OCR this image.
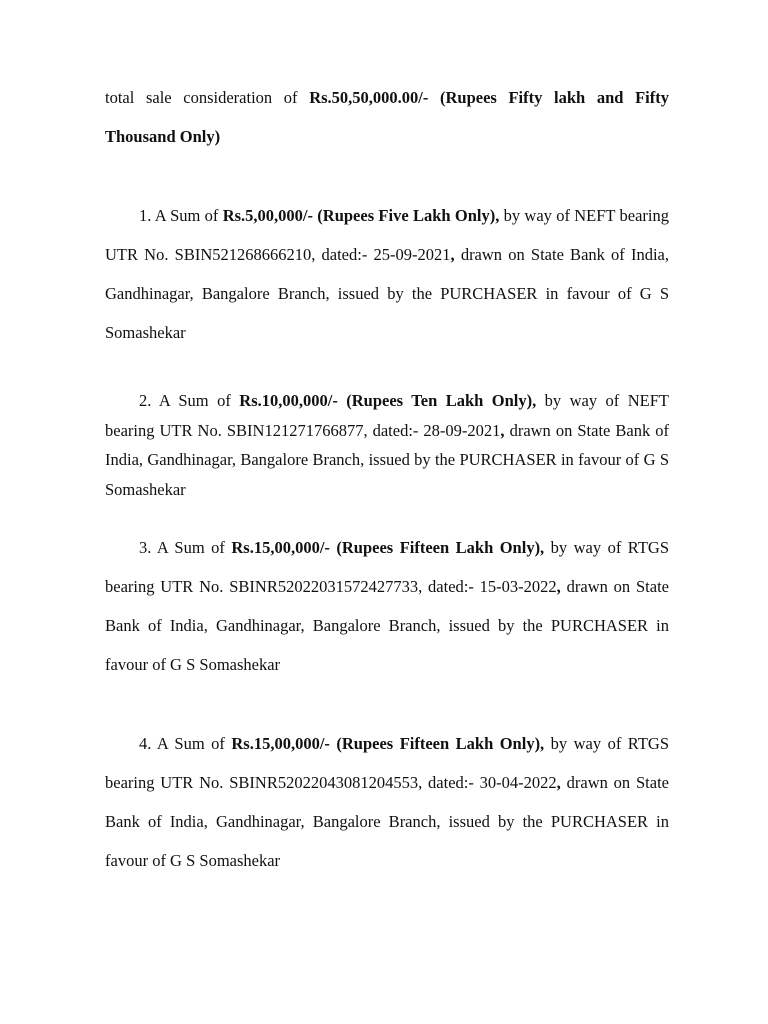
total sale consideration of Rs.50,50,000.00/- (Rupees Fifty lakh and Fifty Thousand Only)

1. A Sum of Rs.5,00,000/- (Rupees Five Lakh Only), by way of NEFT bearing UTR No. SBIN521268666210, dated:- 25-09-2021, drawn on State Bank of India, Gandhinagar, Bangalore Branch, issued by the PURCHASER in favour of G S Somashekar

2. A Sum of Rs.10,00,000/- (Rupees Ten Lakh Only), by way of NEFT bearing UTR No. SBIN121271766877, dated:- 28-09-2021, drawn on State Bank of India, Gandhinagar, Bangalore Branch, issued by the PURCHASER in favour of G S Somashekar

3. A Sum of Rs.15,00,000/- (Rupees Fifteen Lakh Only), by way of RTGS bearing UTR No. SBINR52022031572427733, dated:- 15-03-2022, drawn on State Bank of India, Gandhinagar, Bangalore Branch, issued by the PURCHASER in favour of G S Somashekar

4. A Sum of Rs.15,00,000/- (Rupees Fifteen Lakh Only), by way of RTGS bearing UTR No. SBINR52022043081204553, dated:- 30-04-2022, drawn on State Bank of India, Gandhinagar, Bangalore Branch, issued by the PURCHASER in favour of G S Somashekar
